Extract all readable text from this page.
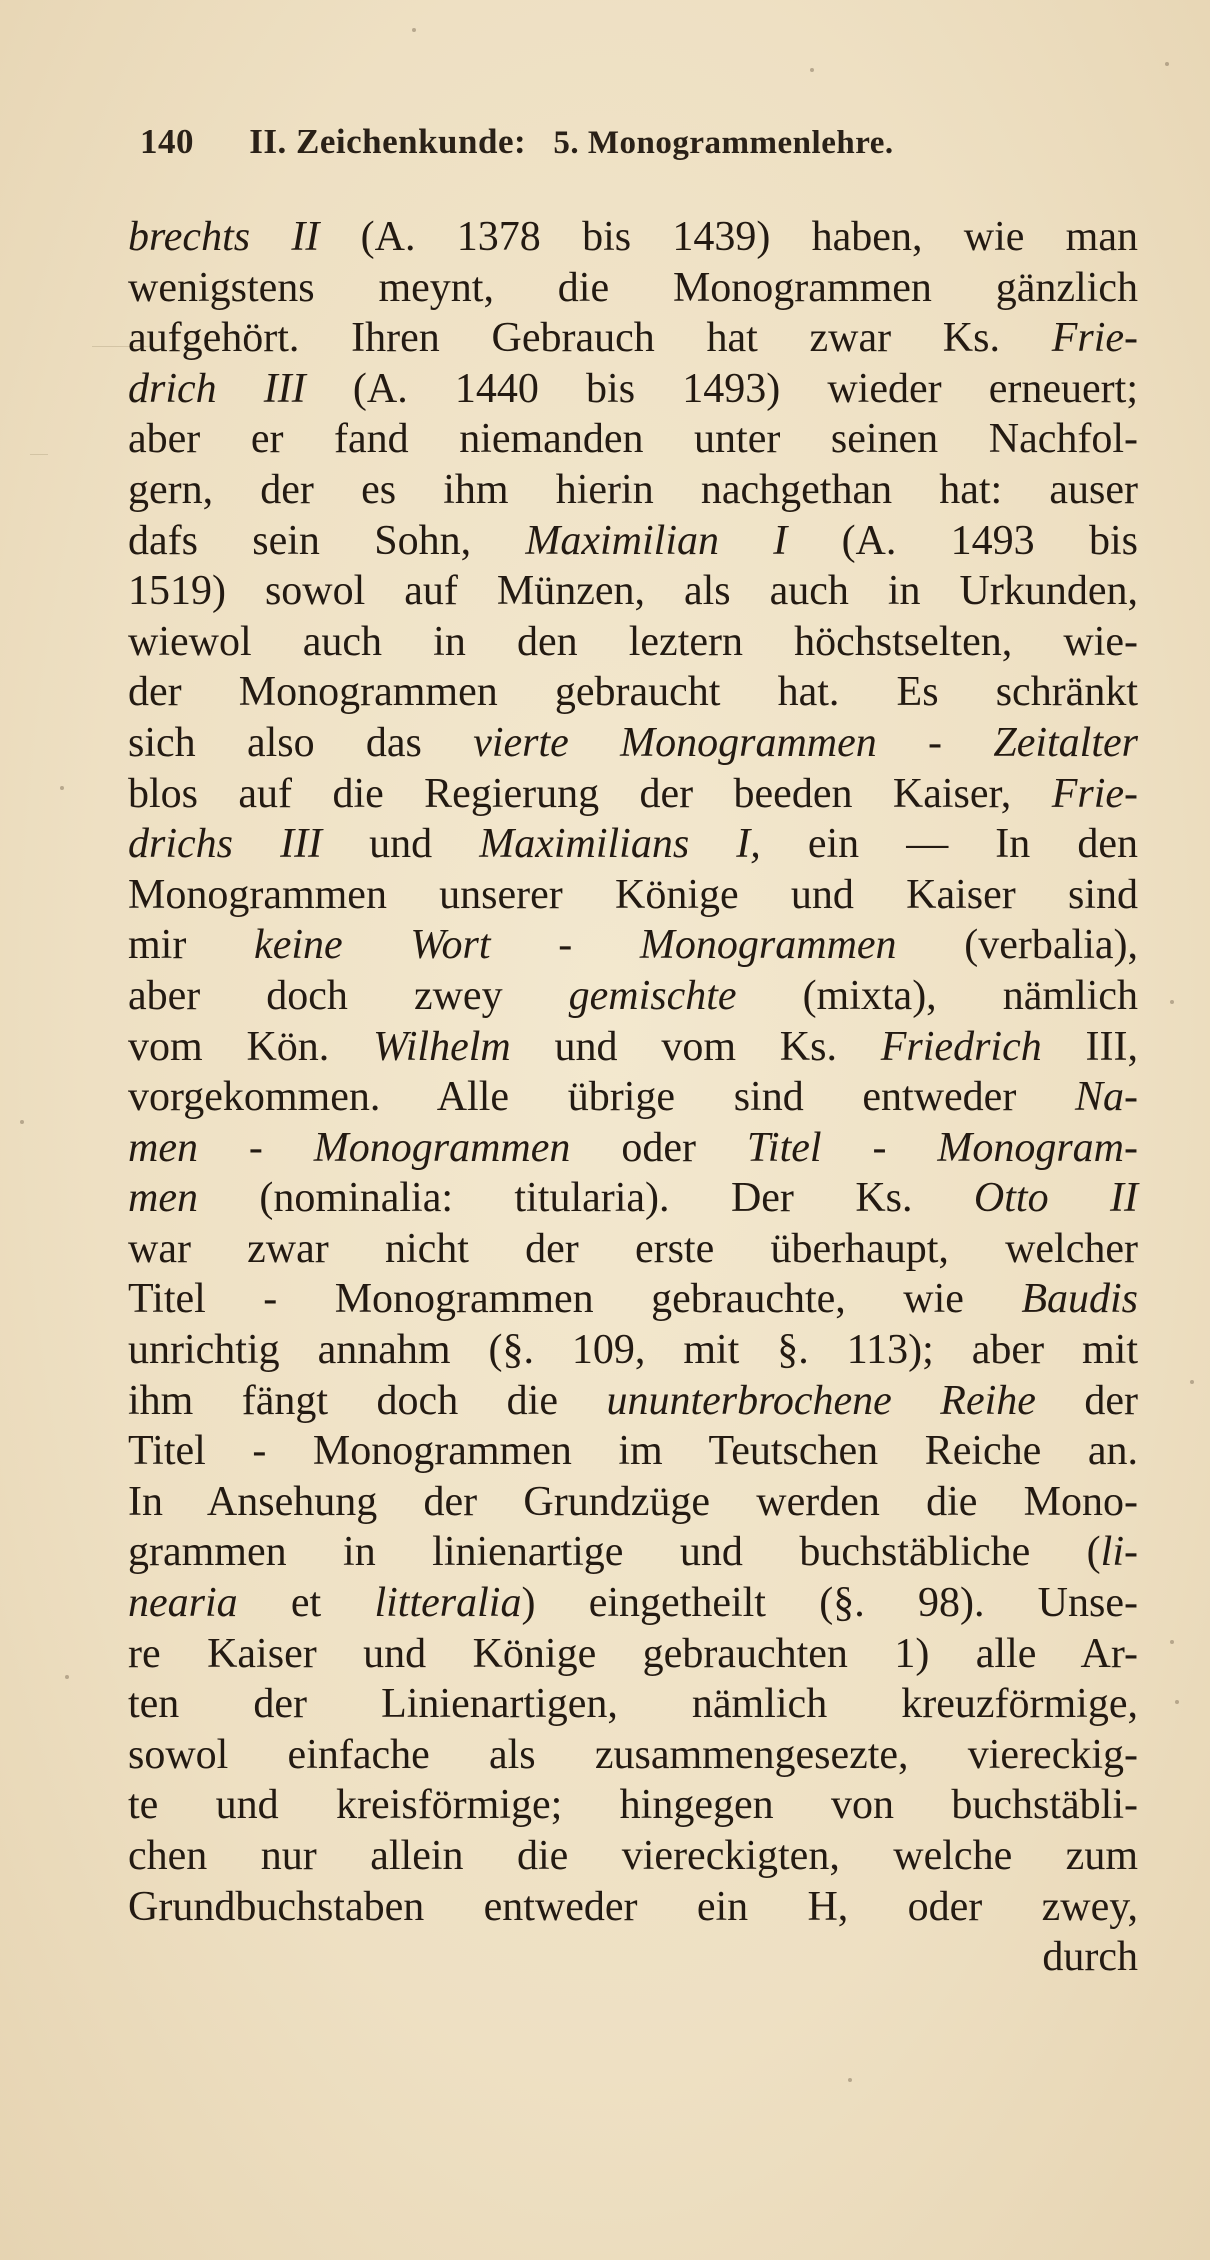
140 II. Zeichenkunde: 5. Monogrammenlehre.
brechts II (A. 1378 bis 1439) haben, wie man
wenigstens meynt, die Monogrammen gänzlich
aufgehört. Ihren Gebrauch hat zwar Ks. Frie-
drich III (A. 1440 bis 1493) wieder erneuert;
aber er fand niemanden unter seinen Nachfol-
gern, der es ihm hierin nachgethan hat: auser
dafs sein Sohn, Maximilian I (A. 1493 bis
1519) sowol auf Münzen, als auch in Urkunden,
wiewol auch in den leztern höchstselten, wie-
der Monogrammen gebraucht hat. Es schränkt
sich also das vierte Monogrammen - Zeitalter
blos auf die Regierung der beeden Kaiser, Frie-
drichs III und Maximilians I, ein — In den
Monogrammen unserer Könige und Kaiser sind
mir keine Wort - Monogrammen (verbalia),
aber doch zwey gemischte (mixta), nämlich
vom Kön. Wilhelm und vom Ks. Friedrich III,
vorgekommen. Alle übrige sind entweder Na-
men - Monogrammen oder Titel - Monogram-
men (nominalia: titularia). Der Ks. Otto II
war zwar nicht der erste überhaupt, welcher
Titel - Monogrammen gebrauchte, wie Baudis
unrichtig annahm (§. 109, mit §. 113); aber mit
ihm fängt doch die ununterbrochene Reihe der
Titel - Monogrammen im Teutschen Reiche an.
In Ansehung der Grundzüge werden die Mono-
grammen in linienartige und buchstäbliche (li-
nearia et litteralia) eingetheilt (§. 98). Unse-
re Kaiser und Könige gebrauchten 1) alle Ar-
ten der Linienartigen, nämlich kreuzförmige,
sowol einfache als zusammengesezte, viereckig-
te und kreisförmige; hingegen von buchstäbli-
chen nur allein die viereckigten, welche zum
Grundbuchstaben entweder ein H, oder zwey,
durch
